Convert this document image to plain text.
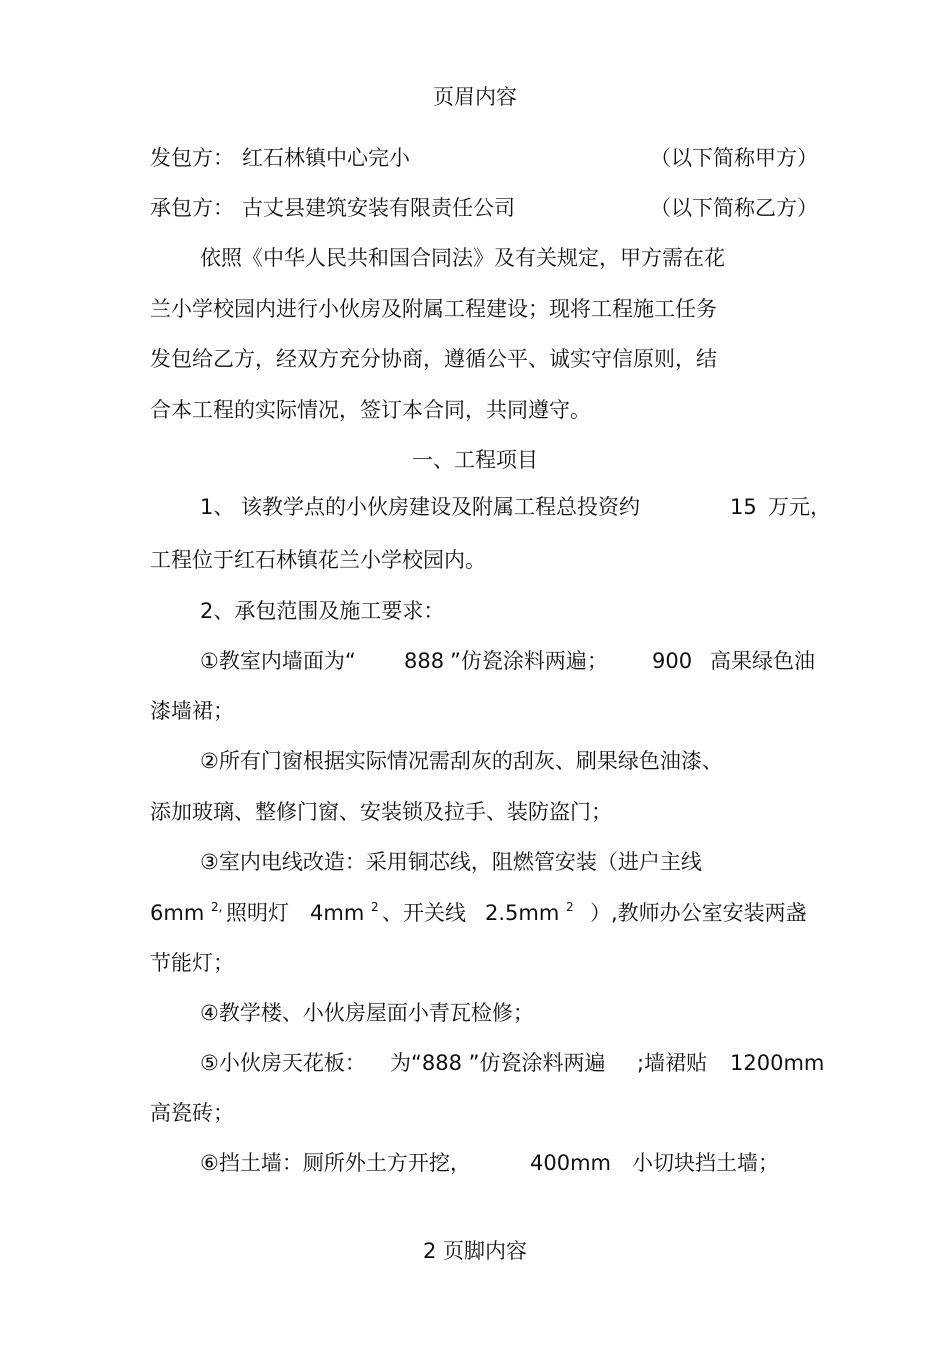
页眉内容
发包方： 红石林镇中心完小	（以下简称甲方）
承包方： 古丈县建筑安装有限责任公司	（以下简称乙方）
依照《中华人民共和国合同法》及有关规定，甲方需在花
兰小学校园内进行小伙房及附属工程建设；现将工程施工任务
发包给乙方，经双方充分协商，遵循公平、诚实守信原则，结
合本工程的实际情况，签订本合同，共同遵守。
一、工程项目
1、 该教学点的小伙房建设及附属工程总投资约	15 万元，
工程位于红石林镇花兰小学校园内。
2、承包范围及施工要求：
①教室内墙面为“ 888 ”仿瓷涂料两遍； 900 高果绿色油
漆墙裙；
②所有门窗根据实际情况需刮灰的刮灰、刷果绿色油漆、
添加玻璃、整修门窗、安装锁及拉手、装防盗门；
③室内电线改造：采用铜芯线，阻燃管安装（进户主线
6mm $^{2,}$ 照明灯 4mm $^2$ 、开关线 2.5mm $^2$ ）,教师办公室安装两盏
节能灯；
④教学楼、小伙房屋面小青瓦检修；
⑤小伙房天花板： 为“888 ”仿瓷涂料两遍 ;墙裙贴 1200mm
高瓷砖；
⑥挡土墙：厕所外土方开挖，	400mm 小切块挡土墙；
2 页脚内容
